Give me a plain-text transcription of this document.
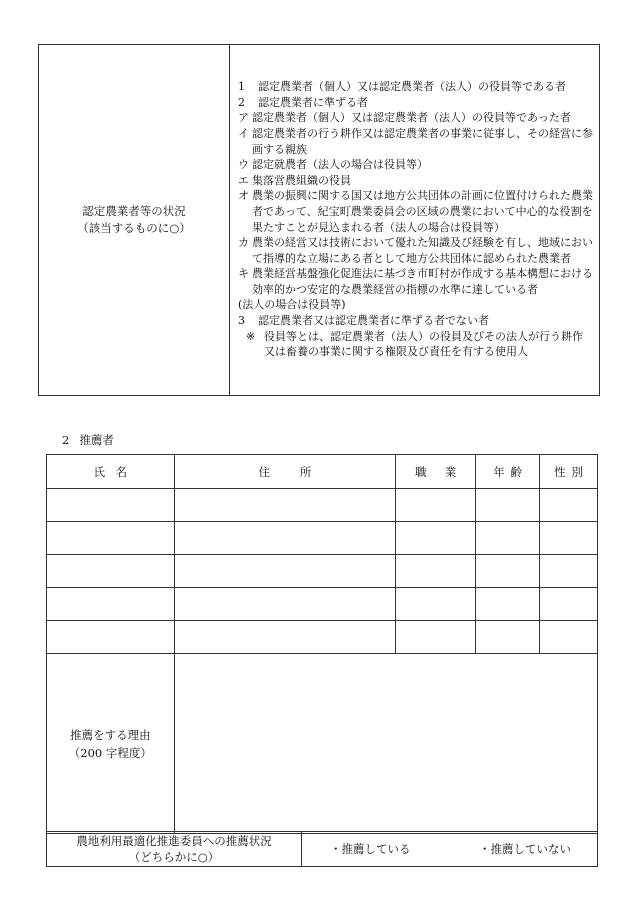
認定農業者等の状況
（該当するものに○）

1	認定農業者（個人）又は認定農業者（法人）の役員等である者
2	認定農業者に準ずる者
ア 認定農業者（個人）又は認定農業者（法人）の役員等であった者
イ 認定農業者の行う耕作又は認定農業者の事業に従事し、その経営に参画する親族
ウ 認定就農者（法人の場合は役員等）
エ 集落営農組織の役員
オ 農業の振興に関する国又は地方公共団体の計画に位置付けられた農業者であって、紀宝町農業委員会の区域の農業において中心的な役割を果たすことが見込まれる者（法人の場合は役員等）
カ 農業の経営又は技術において優れた知識及び経験を有し、地域において指導的な立場にある者として地方公共団体に認められた農業者
キ 農業経営基盤強化促進法に基づき市町村が作成する基本構想における効率的かつ安定的な農業経営の指標の水準に達している者
(法人の場合は役員等)
3	認定農業者又は認定農業者に準ずる者でない者
※ 役員等とは、認定農業者（法人）の役員及びその法人が行う耕作又は畜養の事業に関する権限及び責任を有する使用人
2 推薦者
氏名	住所	職業	年齢	性別

推薦をする理由
（200 字程度）				

農地利用最適化推進委員への推薦状況
（どちらかに○）

・推薦している	・推薦していない
